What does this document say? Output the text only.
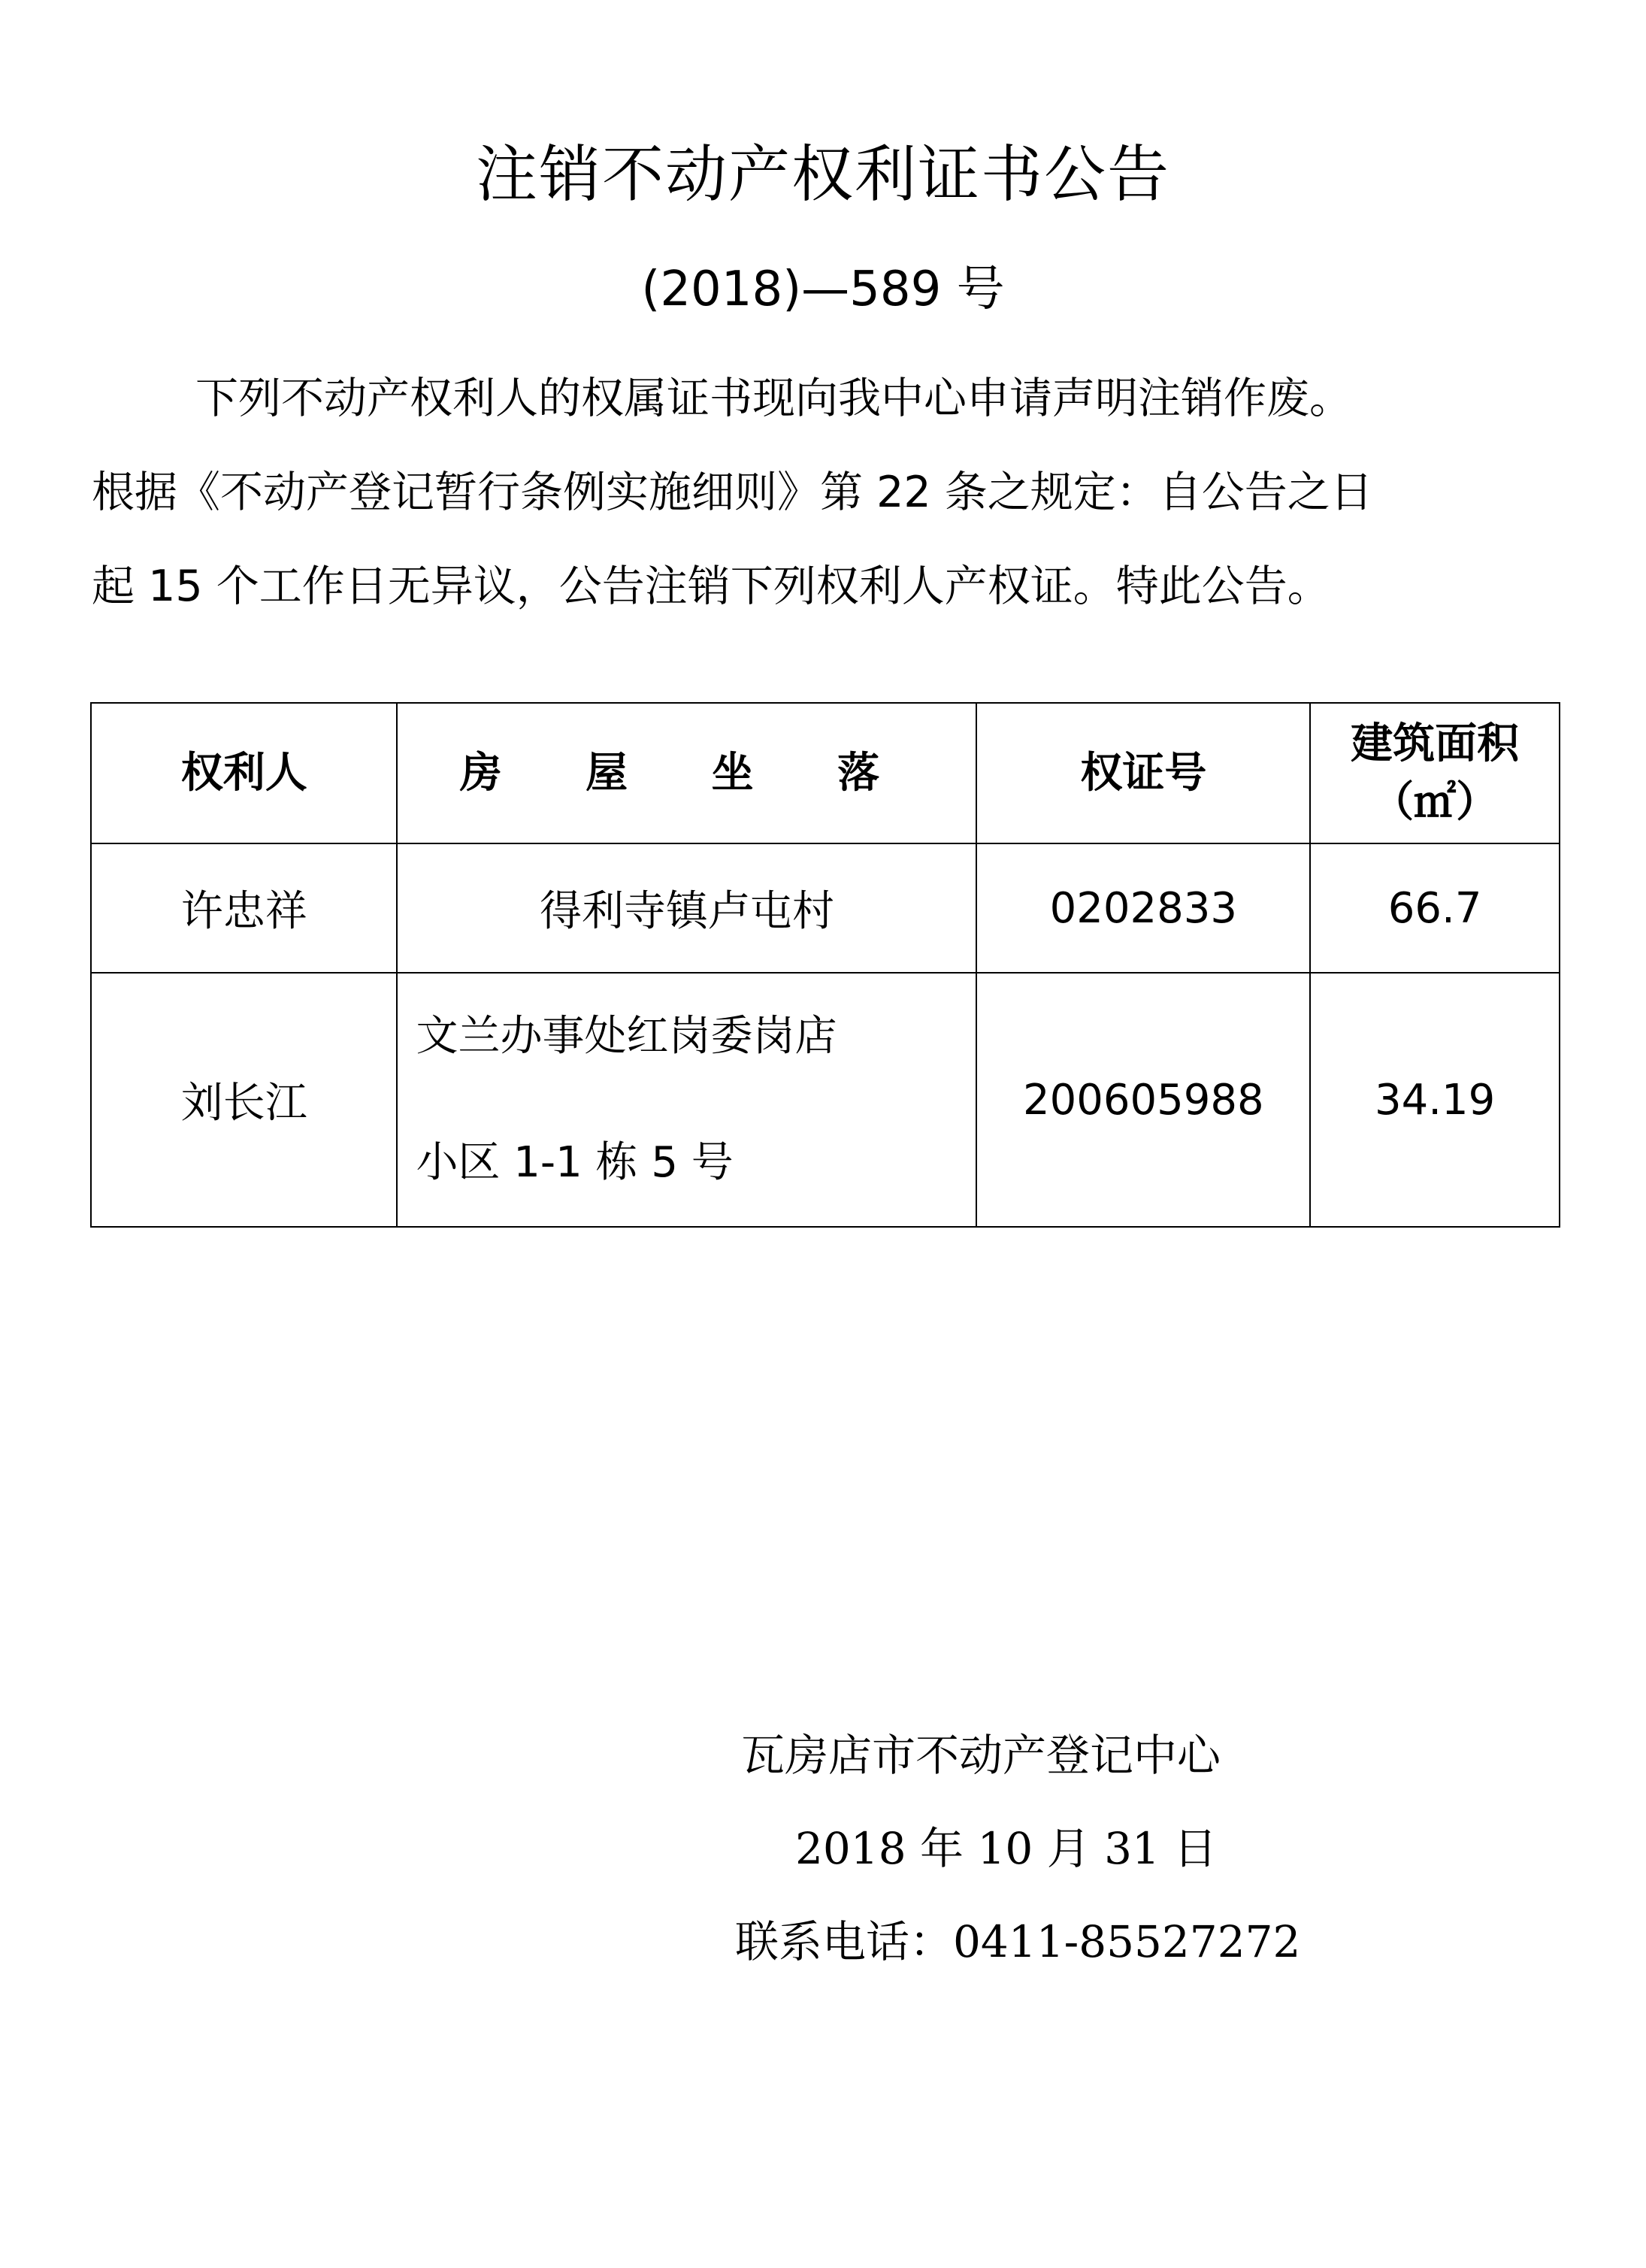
注销不动产权利证书公告
(2018)—589 号
下列不动产权利人的权属证书现向我中心申请声明注销作废。
根据《不动产登记暂行条例实施细则》第 22 条之规定：自公告之日
起 15 个工作日无异议，公告注销下列权利人产权证。特此公告。
权利人	房 屋 坐 落	权证号	建筑面积
（㎡）

许忠祥	得利寺镇卢屯村	0202833	66.7
刘长江	文兰办事处红岗委岗店
小区 1-1 栋 5 号	200605988	34.19
瓦房店市不动产登记中心
2018 年 10 月 31 日
联系电话：0411-85527272
